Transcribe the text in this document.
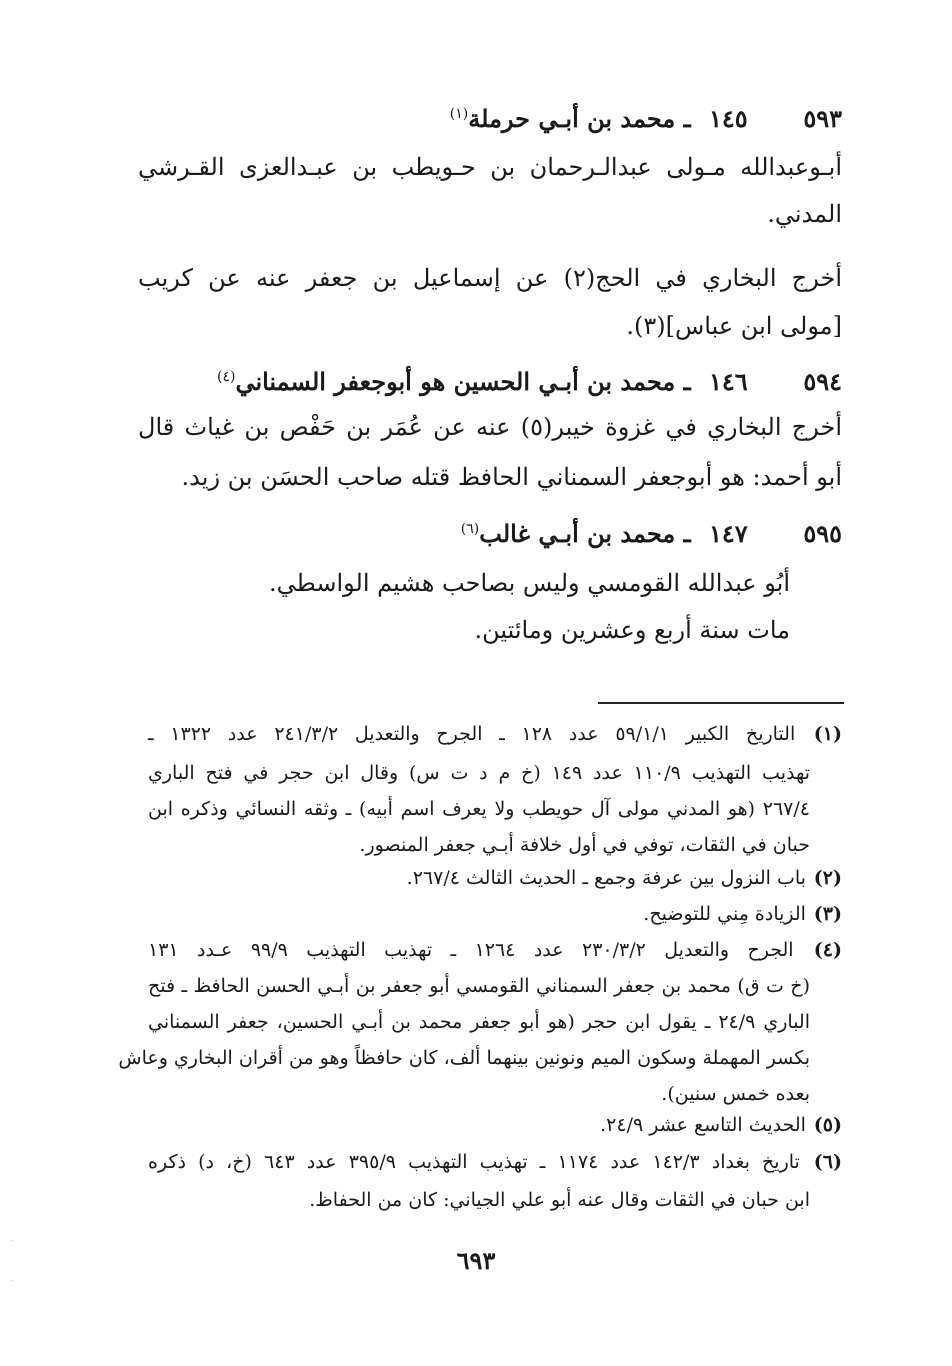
٥٩٣ ١٤٥ ـ محمد بن أبـي حرملة$^{(١)}$
أبـوعبدالله مـولى عبدالـرحمان بن حـويطب بن عبـدالعزى القـرشي
المدني.
أخرج البخاري في الحج(٢) عن إسماعيل بن جعفر عنه عن كريب
[مولى ابن عباس](٣).
٥٩٤ ١٤٦ ـ محمد بن أبـي الحسين هو أبوجعفر السمناني$^{(٤)}$
أخرج البخاري في غزوة خيبر(٥) عنه عن عُمَر بن حَفْص بن غياث قال
أبو أحمد: هو أبوجعفر السمناني الحافظ قتله صاحب الحسَن بن زيد.
٥٩٥ ١٤٧ ـ محمد بن أبـي غالب$^{(٦)}$
أبُو عبدالله القومسي وليس بصاحب هشيم الواسطي.
مات سنة أربع وعشرين ومائتين.
(١) التاريخ الكبير ٥٩/١/١ عدد ١٢٨ ـ الجرح والتعديل ٢٤١/٣/٢ عدد ١٣٢٢ ـ
تهذيب التهذيب ١١٠/٩ عدد ١٤٩ (خ م د ت س) وقال ابن حجر في فتح الباري
٢٦٧/٤ (هو المدني مولى آل حويطب ولا يعرف اسم أبيه) ـ وثقه النسائي وذكره ابن
حبان في الثقات، توفي في أول خلافة أبـي جعفر المنصور.
(٢) باب النزول بين عرفة وجمع ـ الحديث الثالث ٢٦٧/٤.
(٣) الزيادة مِني للتوضيح.
(٤) الجرح والتعديل ٢٣٠/٣/٢ عدد ١٢٦٤ ـ تهذيب التهذيب ٩٩/٩ عـدد ١٣١
(خ ت ق) محمد بن جعفر السمناني القومسي أبو جعفر بن أبـي الحسن الحافظ ـ فتح
الباري ٢٤/٩ ـ يقول ابن حجر (هو أبو جعفر محمد بن أبـي الحسين، جعفر السمناني
بكسر المهملة وسكون الميم ونونين بينهما ألف، كان حافظاً وهو من أقران البخاري وعاش
بعده خمس سنين).
(٥) الحديث التاسع عشر ٢٤/٩.
(٦) تاريخ بغداد ١٤٢/٣ عدد ١١٧٤ ـ تهذيب التهذيب ٣٩٥/٩ عدد ٦٤٣ (خ، د) ذكره
ابن حبان في الثقات وقال عنه أبو علي الجياني: كان من الحفاظ.
٦٩٣
